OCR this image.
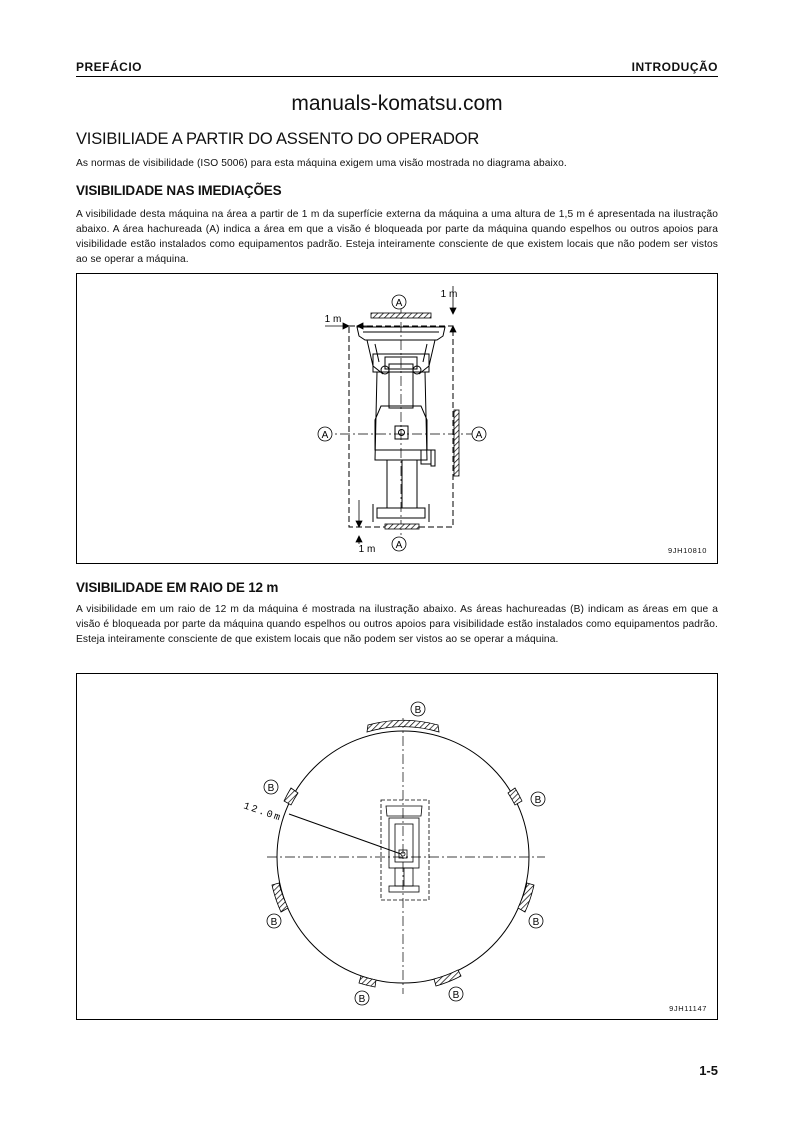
PREFÁCIO	INTRODUÇÃO
manuals-komatsu.com
VISIBILIADE A PARTIR DO ASSENTO DO OPERADOR
As normas de visibilidade (ISO 5006) para esta máquina exigem uma visão mostrada no diagrama abaixo.
VISIBILIDADE NAS IMEDIAÇÕES
A visibilidade desta máquina na área a partir de 1 m da superfície externa da máquina a uma altura de 1,5 m é apresentada na ilustração abaixo. A área hachureada (A) indica a área em que a visão é bloqueada por parte da máquina quando espelhos ou outros apoios para visibilidade estão instalados como equipamentos padrão. Esteja inteiramente consciente de que existem locais que não podem ser vistos ao se operar a máquina.
A
A	A
A
1 m
1 m
1 m	9JH10810
VISIBILIDADE EM RAIO DE 12 m
A visibilidade em um raio de 12 m da máquina é mostrada na ilustração abaixo. As áreas hachureadas (B) indicam as áreas em que a visão é bloqueada por parte da máquina quando espelhos ou outros apoios para visibilidade estão instalados como equipamentos padrão. Esteja inteiramente consciente de que existem locais que não podem ser vistos ao se operar a máquina.
B
B
B
B	B
B	B
12.0m
9JH11147
1-5
